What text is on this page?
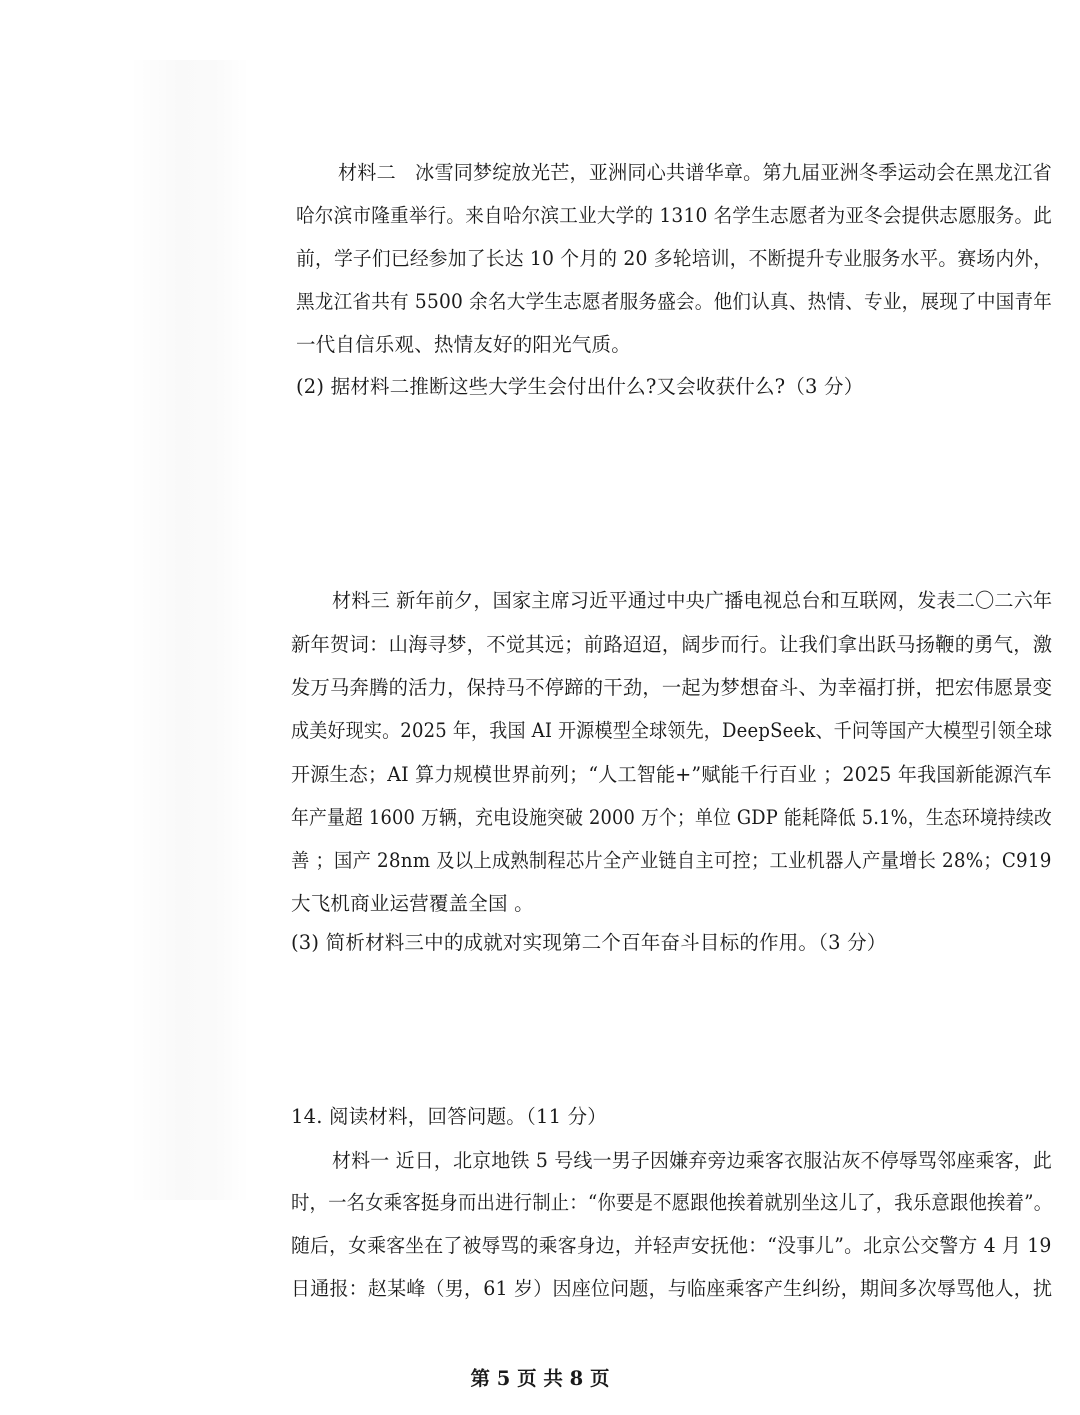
材料二　冰雪同梦绽放光芒，亚洲同心共谱华章。第九届亚洲冬季运动会在黑龙江省
哈尔滨市隆重举行。来自哈尔滨工业大学的 1310 名学生志愿者为亚冬会提供志愿服务。此
前，学子们已经参加了长达 10 个月的 20 多轮培训，不断提升专业服务水平。赛场内外，
黑龙江省共有 5500 余名大学生志愿者服务盛会。他们认真、热情、专业，展现了中国青年
一代自信乐观、热情友好的阳光气质。
(2) 据材料二推断这些大学生会付出什么?又会收获什么?（3 分）
材料三 新年前夕，国家主席习近平通过中央广播电视总台和互联网，发表二〇二六年
新年贺词：山海寻梦，不觉其远；前路迢迢，阔步而行。让我们拿出跃马扬鞭的勇气，激
发万马奔腾的活力，保持马不停蹄的干劲，一起为梦想奋斗、为幸福打拼，把宏伟愿景变
成美好现实。2025 年，我国 AI 开源模型全球领先，DeepSeek、千问等国产大模型引领全球
开源生态；AI 算力规模世界前列；“人工智能+”赋能千行百业 ；2025 年我国新能源汽车
年产量超 1600 万辆，充电设施突破 2000 万个；单位 GDP 能耗降低 5.1%，生态环境持续改
善 ；国产 28nm 及以上成熟制程芯片全产业链自主可控；工业机器人产量增长 28%；C919
大飞机商业运营覆盖全国 。
(3) 简析材料三中的成就对实现第二个百年奋斗目标的作用。（3 分）
14. 阅读材料，回答问题。（11 分）
材料一 近日，北京地铁 5 号线一男子因嫌弃旁边乘客衣服沾灰不停辱骂邻座乘客，此
时，一名女乘客挺身而出进行制止：“你要是不愿跟他挨着就别坐这儿了，我乐意跟他挨着”。
随后，女乘客坐在了被辱骂的乘客身边，并轻声安抚他：“没事儿”。北京公交警方 4 月 19
日通报：赵某峰（男，61 岁）因座位问题，与临座乘客产生纠纷，期间多次辱骂他人，扰
第 5 页 共 8 页
